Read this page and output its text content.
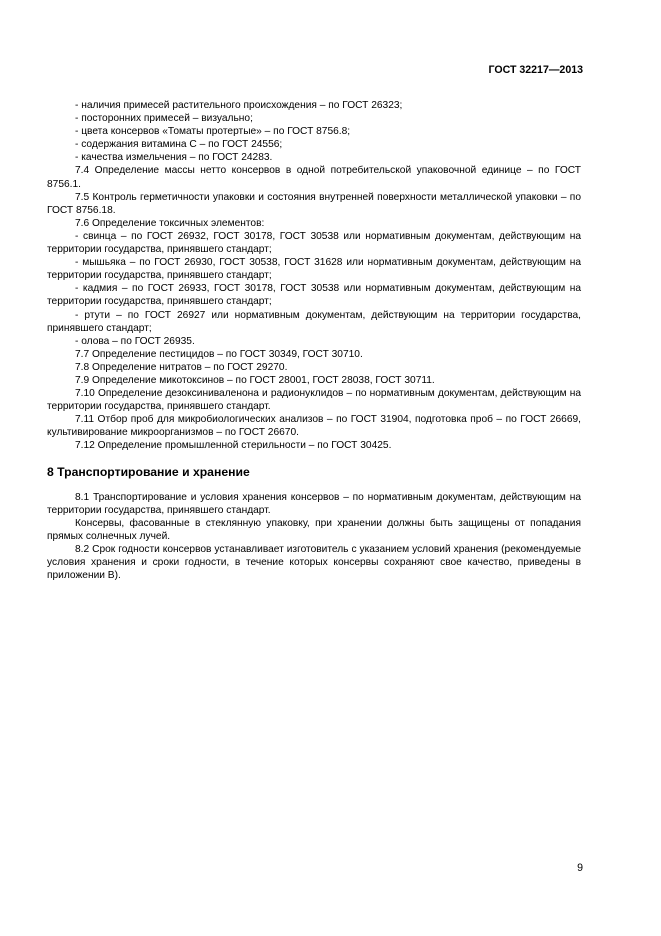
ГОСТ 32217—2013

- наличия примесей растительного происхождения – по ГОСТ 26323;

- посторонних примесей – визуально;

- цвета консервов «Томаты протертые» – по ГОСТ 8756.8;

- содержания витамина С – по ГОСТ 24556;

- качества измельчения – по ГОСТ 24283.

7.4 Определение массы нетто консервов в одной потребительской упаковочной единице – по ГОСТ 8756.1.

7.5 Контроль герметичности упаковки и состояния внутренней поверхности металлической упаковки – по ГОСТ 8756.18.

7.6 Определение токсичных элементов:

- свинца – по ГОСТ 26932, ГОСТ 30178, ГОСТ 30538 или нормативным документам, действующим на территории государства, принявшего стандарт;

- мышьяка – по ГОСТ 26930, ГОСТ 30538, ГОСТ 31628 или нормативным документам, действующим на территории государства, принявшего стандарт;

- кадмия – по ГОСТ 26933, ГОСТ 30178, ГОСТ 30538 или нормативным документам, действующим на территории государства, принявшего стандарт;

- ртути – по ГОСТ 26927 или нормативным документам, действующим на территории государства, принявшего стандарт;

- олова – по ГОСТ 26935.

7.7 Определение пестицидов – по ГОСТ 30349, ГОСТ 30710.

7.8 Определение нитратов – по ГОСТ 29270.

7.9 Определение микотоксинов – по ГОСТ 28001, ГОСТ 28038, ГОСТ 30711.

7.10 Определение дезоксиниваленона и радионуклидов – по нормативным документам, действующим на территории государства, принявшего стандарт.

7.11 Отбор проб для микробиологических анализов – по ГОСТ 31904, подготовка проб – по ГОСТ 26669, культивирование микроорганизмов – по ГОСТ 26670.

7.12 Определение промышленной стерильности – по ГОСТ 30425.

8 Транспортирование и хранение

8.1 Транспортирование и условия хранения консервов – по нормативным документам, действующим на территории государства, принявшего стандарт.

Консервы, фасованные в стеклянную упаковку, при хранении должны быть защищены от попадания прямых солнечных лучей.

8.2 Срок годности консервов устанавливает изготовитель с указанием условий хранения (рекомендуемые условия хранения и сроки годности, в течение которых консервы сохраняют свое качество, приведены в приложении В).

9
